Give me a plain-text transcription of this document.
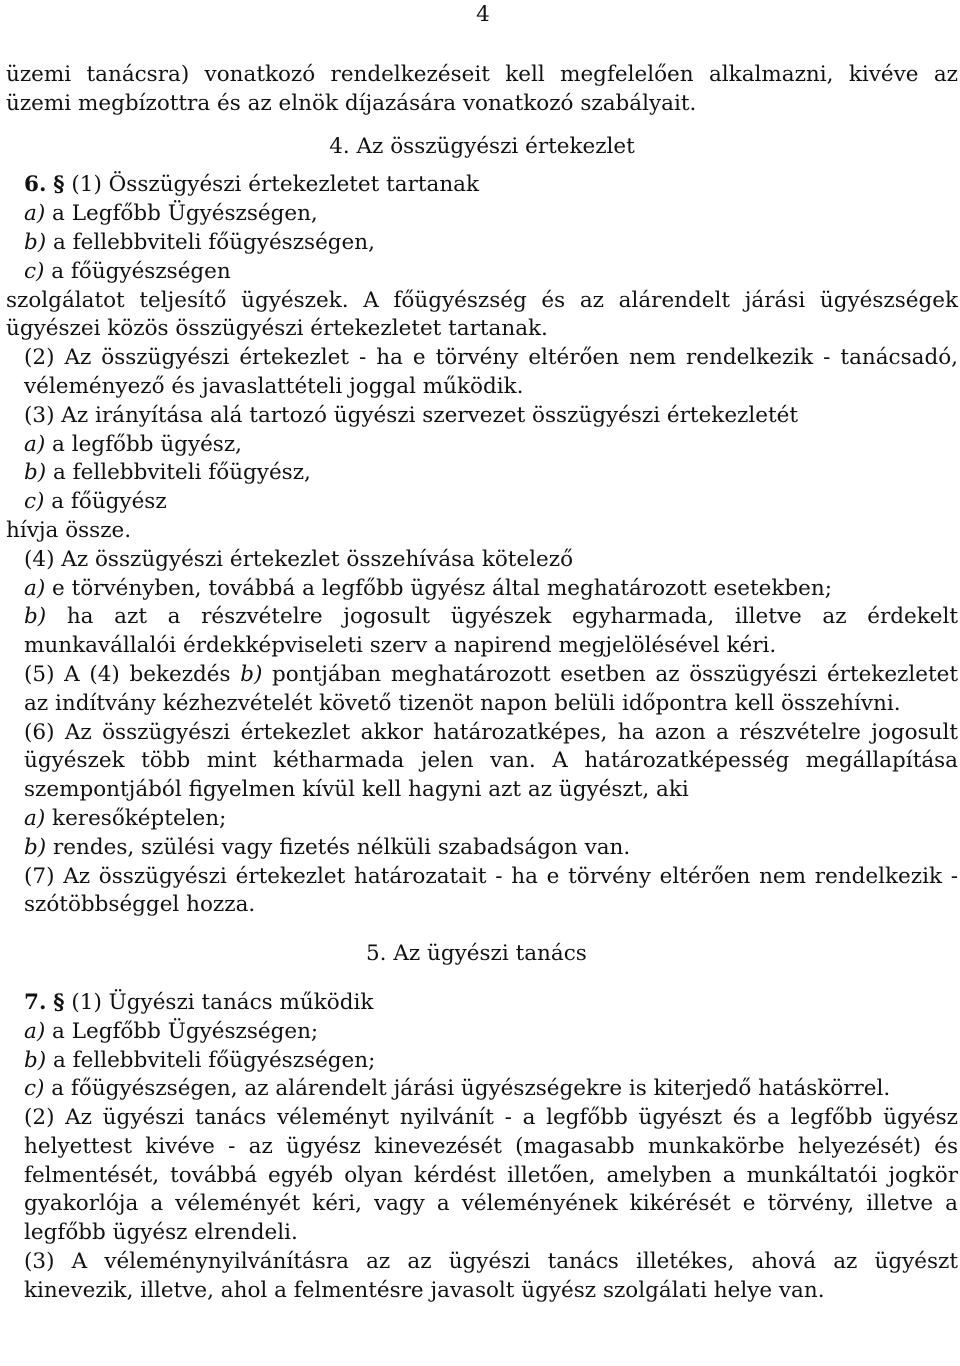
4

üzemi tanácsra) vonatkozó rendelkezéseit kell megfelelően alkalmazni, kivéve az üzemi megbízottra és az elnök díjazására vonatkozó szabályait.

4. Az összügyészi értekezlet

6. § (1) Összügyészi értekezletet tartanak

a) a Legfőbb Ügyészségen,

b) a fellebbviteli főügyészségen,

c) a főügyészségen

szolgálatot teljesítő ügyészek. A főügyészség és az alárendelt járási ügyészségek ügyészei közös összügyészi értekezletet tartanak.

(2) Az összügyészi értekezlet - ha e törvény eltérően nem rendelkezik - tanácsadó, véleményező és javaslattételi joggal működik.

(3) Az irányítása alá tartozó ügyészi szervezet összügyészi értekezletét

a) a legfőbb ügyész,

b) a fellebbviteli főügyész,

c) a főügyész

hívja össze.

(4) Az összügyészi értekezlet összehívása kötelező

a) e törvényben, továbbá a legfőbb ügyész által meghatározott esetekben;

b) ha azt a részvételre jogosult ügyészek egyharmada, illetve az érdekelt munkavállalói érdekképviseleti szerv a napirend megjelölésével kéri.

(5) A (4) bekezdés b) pontjában meghatározott esetben az összügyészi értekezletet az indítvány kézhezvételét követő tizenöt napon belüli időpontra kell összehívni.

(6) Az összügyészi értekezlet akkor határozatképes, ha azon a részvételre jogosult ügyészek több mint kétharmada jelen van. A határozatképesség megállapítása szempontjából figyelmen kívül kell hagyni azt az ügyészt, aki

a) keresőképtelen;

b) rendes, szülési vagy fizetés nélküli szabadságon van.

(7) Az összügyészi értekezlet határozatait - ha e törvény eltérően nem rendelkezik - szótöbbséggel hozza.

5. Az ügyészi tanács

7. § (1) Ügyészi tanács működik

a) a Legfőbb Ügyészségen;

b) a fellebbviteli főügyészségen;

c) a főügyészségen, az alárendelt járási ügyészségekre is kiterjedő hatáskörrel.

(2) Az ügyészi tanács véleményt nyilvánít - a legfőbb ügyészt és a legfőbb ügyész helyettest kivéve - az ügyész kinevezését (magasabb munkakörbe helyezését) és felmentését, továbbá egyéb olyan kérdést illetően, amelyben a munkáltatói jogkör gyakorlója a véleményét kéri, vagy a véleményének kikérését e törvény, illetve a legfőbb ügyész elrendeli.

(3) A véleménynyilvánításra az az ügyészi tanács illetékes, ahová az ügyészt kinevezik, illetve, ahol a felmentésre javasolt ügyész szolgálati helye van.
